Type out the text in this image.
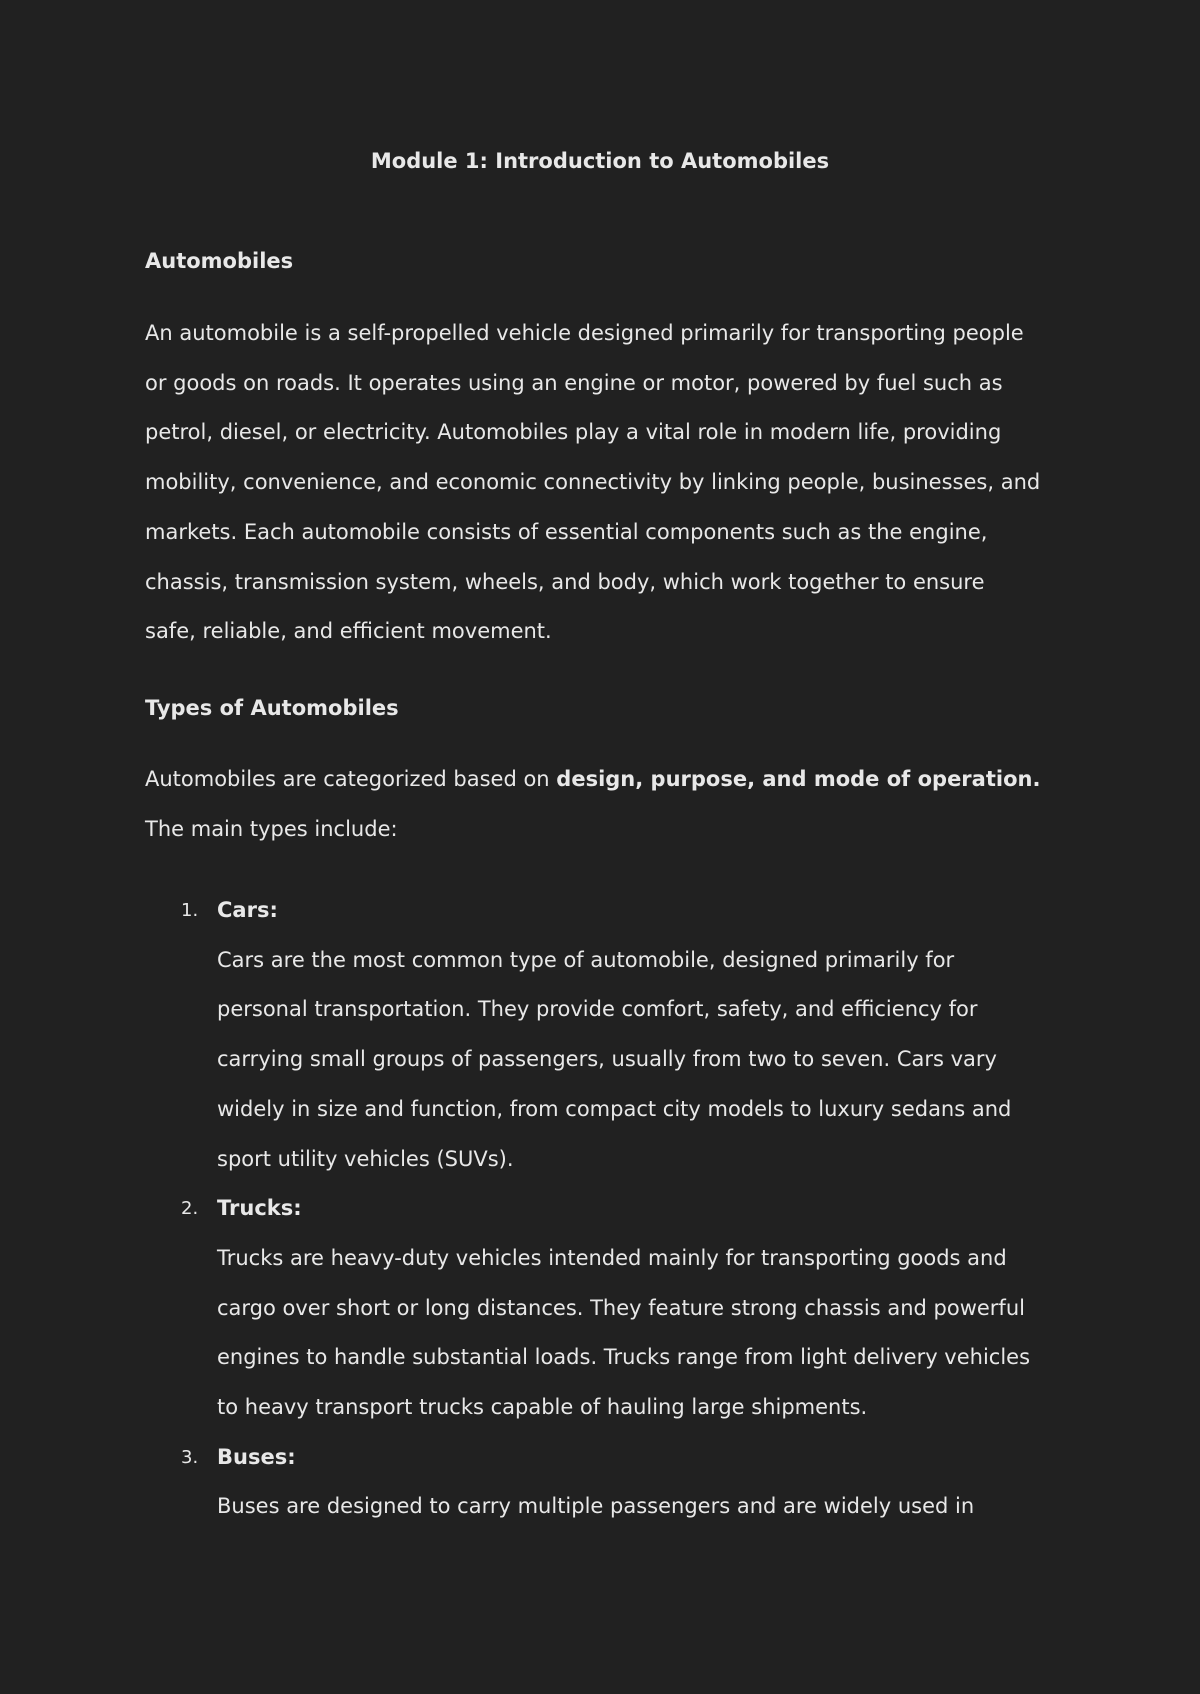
Module 1: Introduction to Automobiles
Automobiles

An automobile is a self-propelled vehicle designed primarily for transporting people
or goods on roads. It operates using an engine or motor, powered by fuel such as
petrol, diesel, or electricity. Automobiles play a vital role in modern life, providing
mobility, convenience, and economic connectivity by linking people, businesses, and
markets. Each automobile consists of essential components such as the engine,
chassis, transmission system, wheels, and body, which work together to ensure
safe, reliable, and efficient movement.

Types of Automobiles

Automobiles are categorized based on design, purpose, and mode of operation.
The main types include:

1. Cars:
Cars are the most common type of automobile, designed primarily for
personal transportation. They provide comfort, safety, and efficiency for
carrying small groups of passengers, usually from two to seven. Cars vary
widely in size and function, from compact city models to luxury sedans and
sport utility vehicles (SUVs).
2. Trucks:
Trucks are heavy-duty vehicles intended mainly for transporting goods and
cargo over short or long distances. They feature strong chassis and powerful
engines to handle substantial loads. Trucks range from light delivery vehicles
to heavy transport trucks capable of hauling large shipments.
3. Buses:
Buses are designed to carry multiple passengers and are widely used in
